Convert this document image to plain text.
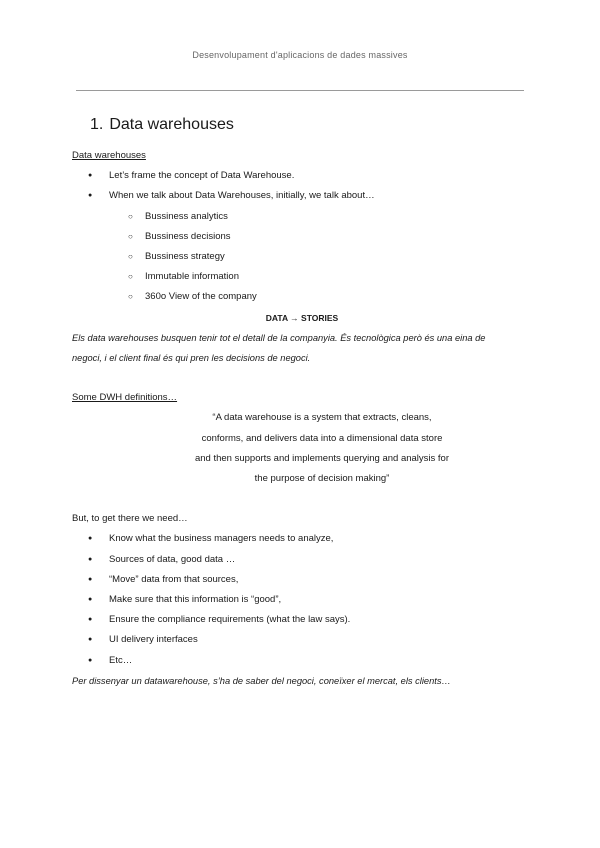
Desenvolupament d'aplicacions de dades massives
1. Data warehouses

Data warehouses

● Let’s frame the concept of Data Warehouse.
● When we talk about Data Warehouses, initially, we talk about…
○ Bussiness analytics
○ Bussiness decisions
○ Bussiness strategy
○ Immutable information
○ 360o View of the company

DATA → STORIES

Els data warehouses busquen tenir tot el detall de la companyia. És tecnològica però és una eina de

negoci, i el client final és qui pren les decisions de negoci.

Some DWH definitions…

“A data warehouse is a system that extracts, cleans,

conforms, and delivers data into a dimensional data store

and then supports and implements querying and analysis for

the purpose of decision making”

But, to get there we need…

● Know what the business managers needs to analyze,
● Sources of data, good data …
● “Move” data from that sources,
● Make sure that this information is “good”,
● Ensure the compliance requirements (what the law says).
● UI delivery interfaces
● Etc…

Per dissenyar un datawarehouse, s’ha de saber del negoci, coneïxer el mercat, els clients…
